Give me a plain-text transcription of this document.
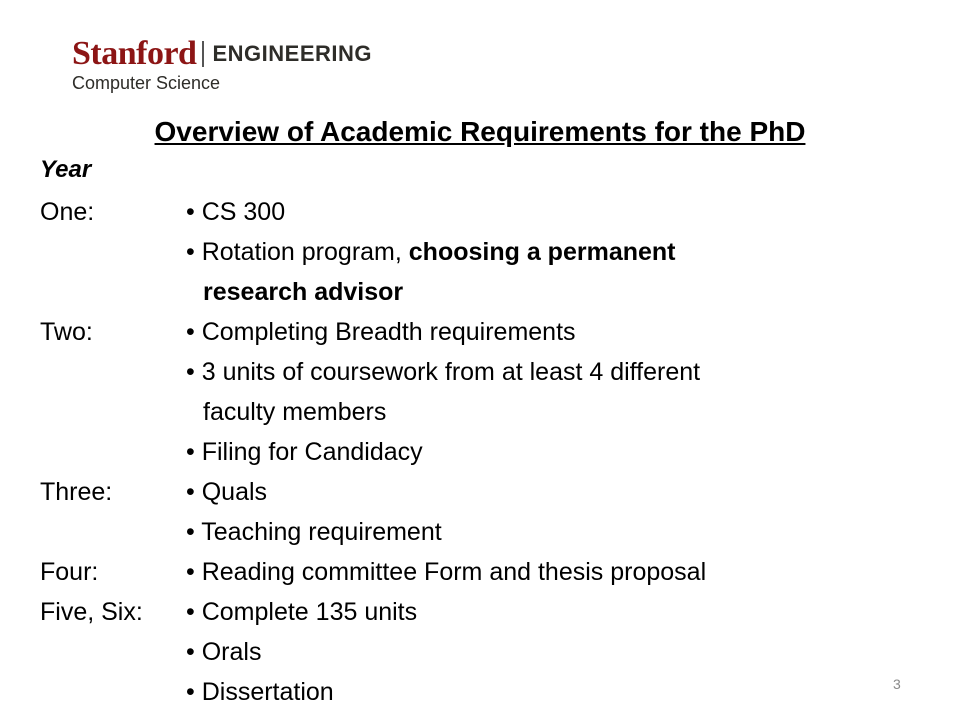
Stanford ENGINEERING
Computer Science
Overview of Academic Requirements for the PhD
Year
One:	• CS 300
• Rotation program, choosing a permanent
research advisor
Two:	• Completing Breadth requirements
• 3 units of coursework from at least 4 different
faculty members
• Filing for Candidacy
Three:	• Quals
• Teaching requirement
Four:	• Reading committee Form and thesis proposal
Five, Six: • Complete 135 units
• Orals
• Dissertation	3
